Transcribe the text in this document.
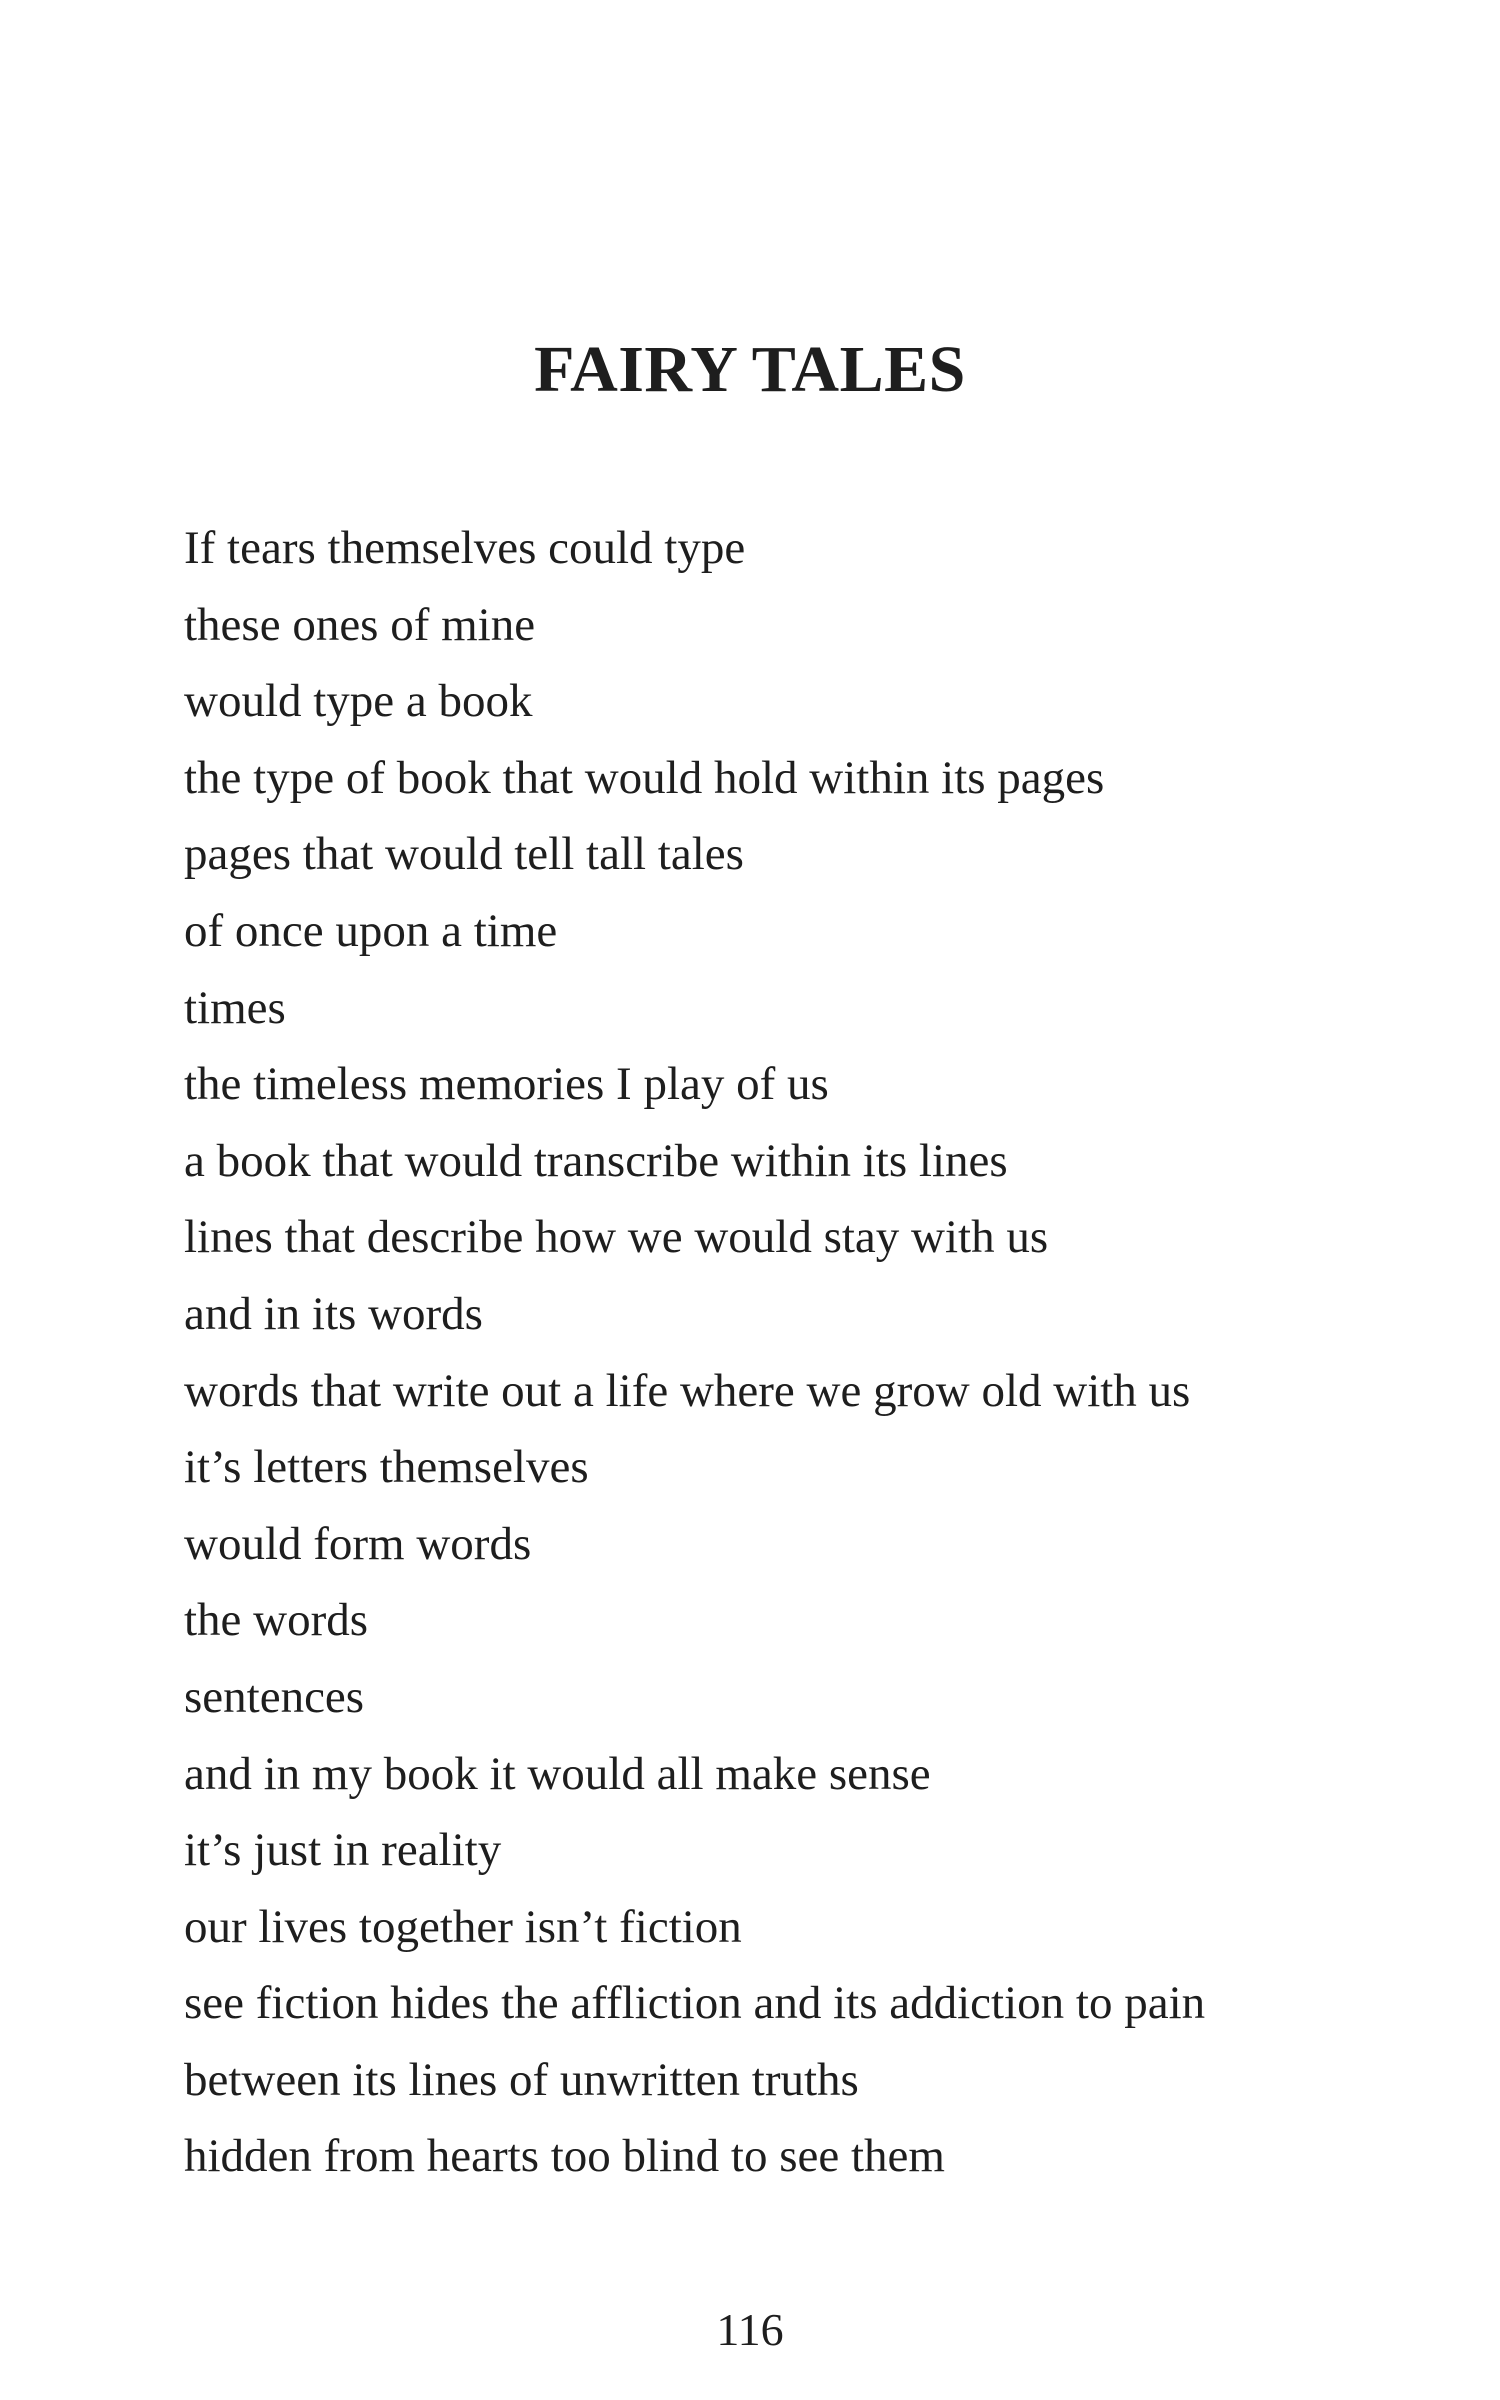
FAIRY TALES
If tears themselves could type
these ones of mine
would type a book
the type of book that would hold within its pages
pages that would tell tall tales
of once upon a time
times
the timeless memories I play of us
a book that would transcribe within its lines
lines that describe how we would stay with us
and in its words
words that write out a life where we grow old with us
it’s letters themselves
would form words
the words
sentences
and in my book it would all make sense
it’s just in reality
our lives together isn’t fiction
see fiction hides the affliction and its addiction to pain
between its lines of unwritten truths
hidden from hearts too blind to see them
116
